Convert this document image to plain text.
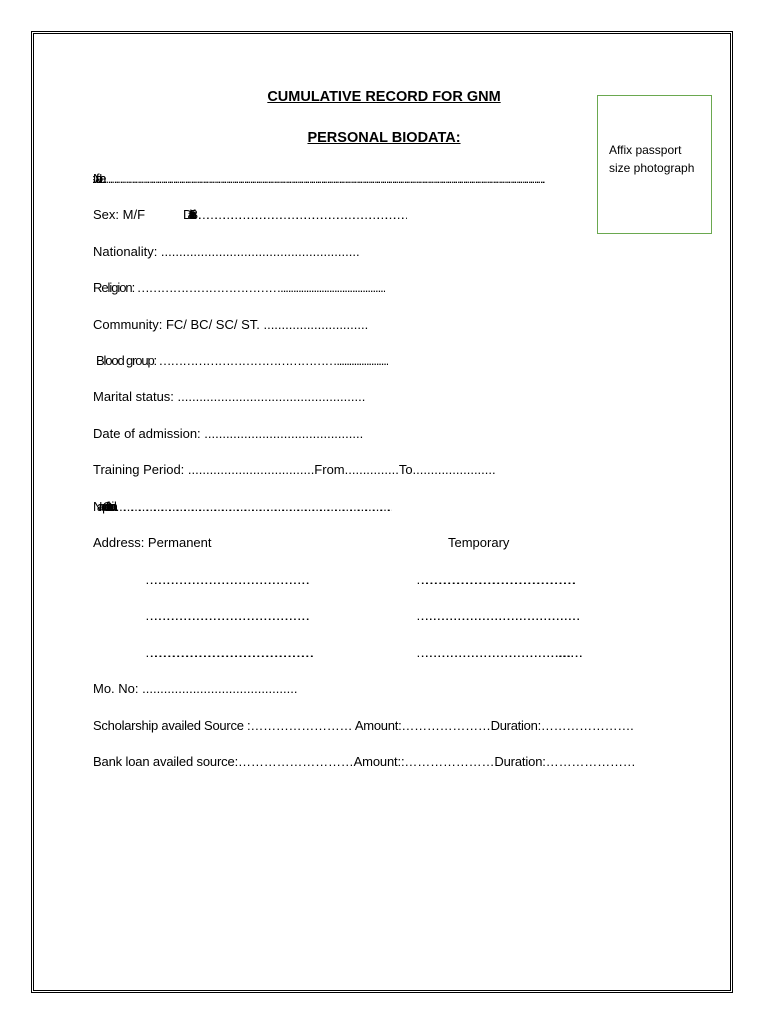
CUMULATIVE RECORD FOR GNM
PERSONAL BIODATA:
Affix passport
size photograph
Name of student: …………………………………………………………………………………………………………………………………………………………………………………………………………………….
Sex: M/F	Date of Birth: ……………………………………………………………………….
Nationality: .......................................................
Religion: ……………………………….........................................
Community: FC/ BC/ SC/ ST. .............................
Blood group: ……………………………………….....................
Marital status: ....................................................
Date of admission: ............................................
Training Period: ...................................From...............To.......................
Name of parent/ Guardian : …………………………………………………………………………………………………….
Address: Permanent	Temporary
………………………………………………………………………………………………………….	………………………………………………………………………………………………………...
………………………………………………………………………………………………………….	…………………………………………………………………………………………………………….
…………………………………………………………………………………………………………..	…………………………………………………………………………………………….………………
Mo. No: ...........................................
Scholarship availed Source :…………………… Amount:…………………Duration:………………….
Bank loan availed source:………………………Amount::…………………Duration:…………………
